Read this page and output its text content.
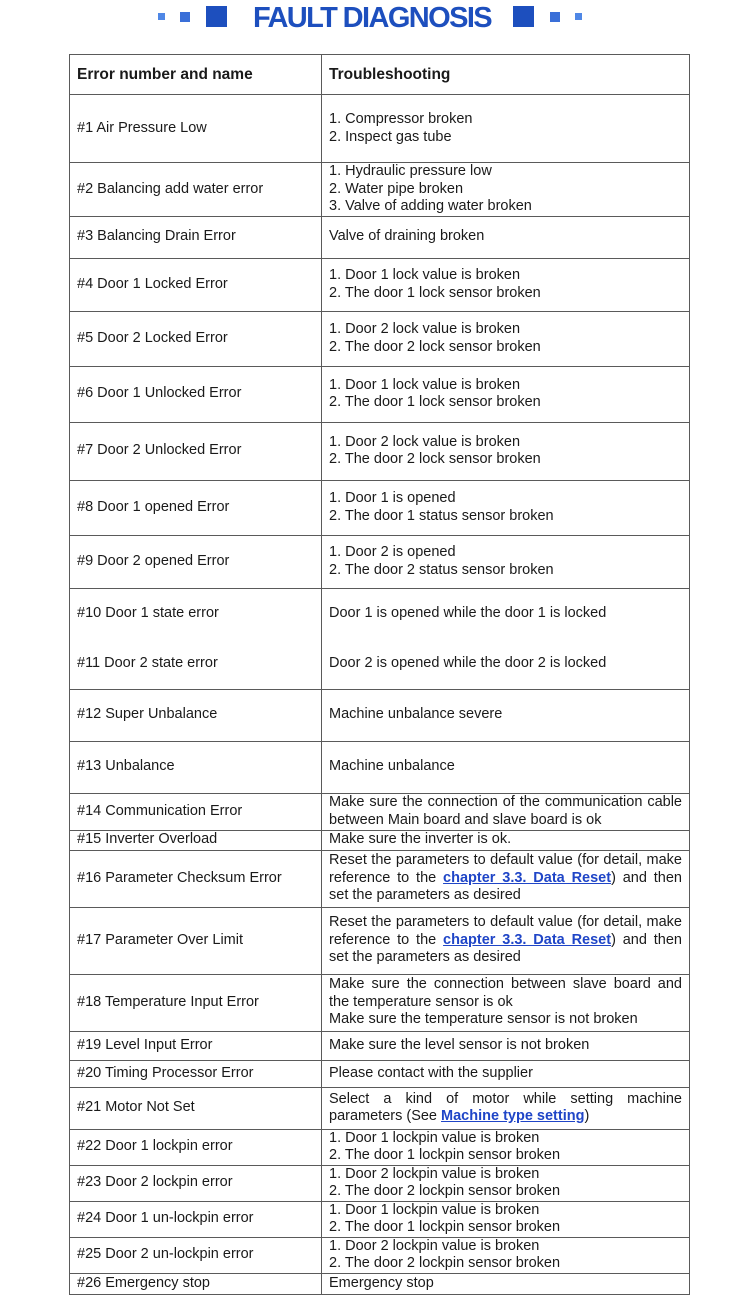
FAULT DIAGNOSIS
Error number and name	Troubleshooting
#1 Air Pressure Low	1. Compressor broken
2. Inspect gas tube

#2 Balancing add water error	1. Hydraulic pressure low
2. Water pipe broken
3. Valve of adding water broken

#3 Balancing Drain Error	Valve of draining broken
#4 Door 1 Locked Error	1. Door 1 lock value is broken
2. The door 1 lock sensor broken

#5 Door 2 Locked Error	1. Door 2 lock value is broken
2. The door 2 lock sensor broken

#6 Door 1 Unlocked Error	1. Door 1 lock value is broken
2. The door 1 lock sensor broken

#7 Door 2 Unlocked Error	1. Door 2 lock value is broken
2. The door 2 lock sensor broken

#8 Door 1 opened Error	1. Door 1 is opened
2. The door 1 status sensor broken

#9 Door 2 opened Error	1. Door 2 is opened
2. The door 2 status sensor broken

#10 Door 1 state error	Door 1 is opened while the door 1 is locked
#11 Door 2 state error	Door 2 is opened while the door 2 is locked
#12 Super Unbalance	Machine unbalance severe
#13 Unbalance	Machine unbalance
#14 Communication Error	Make sure the connection of the communication cable between Main board and slave board is ok
#15 Inverter Overload	Make sure the inverter is ok.
#16 Parameter Checksum Error	Reset the parameters to default value (for detail, make reference to the chapter 3.3. Data Reset) and then set the parameters as desired
#17 Parameter Over Limit	Reset the parameters to default value (for detail, make reference to the chapter 3.3. Data Reset) and then set the parameters as desired
#18 Temperature Input Error	Make sure the connection between slave board and the temperature sensor is ok
Make sure the temperature sensor is not broken

#19 Level Input Error	Make sure the level sensor is not broken
#20 Timing Processor Error	Please contact with the supplier
#21 Motor Not Set	Select a kind of motor while setting machine parameters (See Machine type setting)
#22 Door 1 lockpin error	1. Door 1 lockpin value is broken
2. The door 1 lockpin sensor broken

#23 Door 2 lockpin error	1. Door 2 lockpin value is broken
2. The door 2 lockpin sensor broken

#24 Door 1 un-lockpin error	1. Door 1 lockpin value is broken
2. The door 1 lockpin sensor broken

#25 Door 2 un-lockpin error	1. Door 2 lockpin value is broken
2. The door 2 lockpin sensor broken

#26 Emergency stop	Emergency stop
